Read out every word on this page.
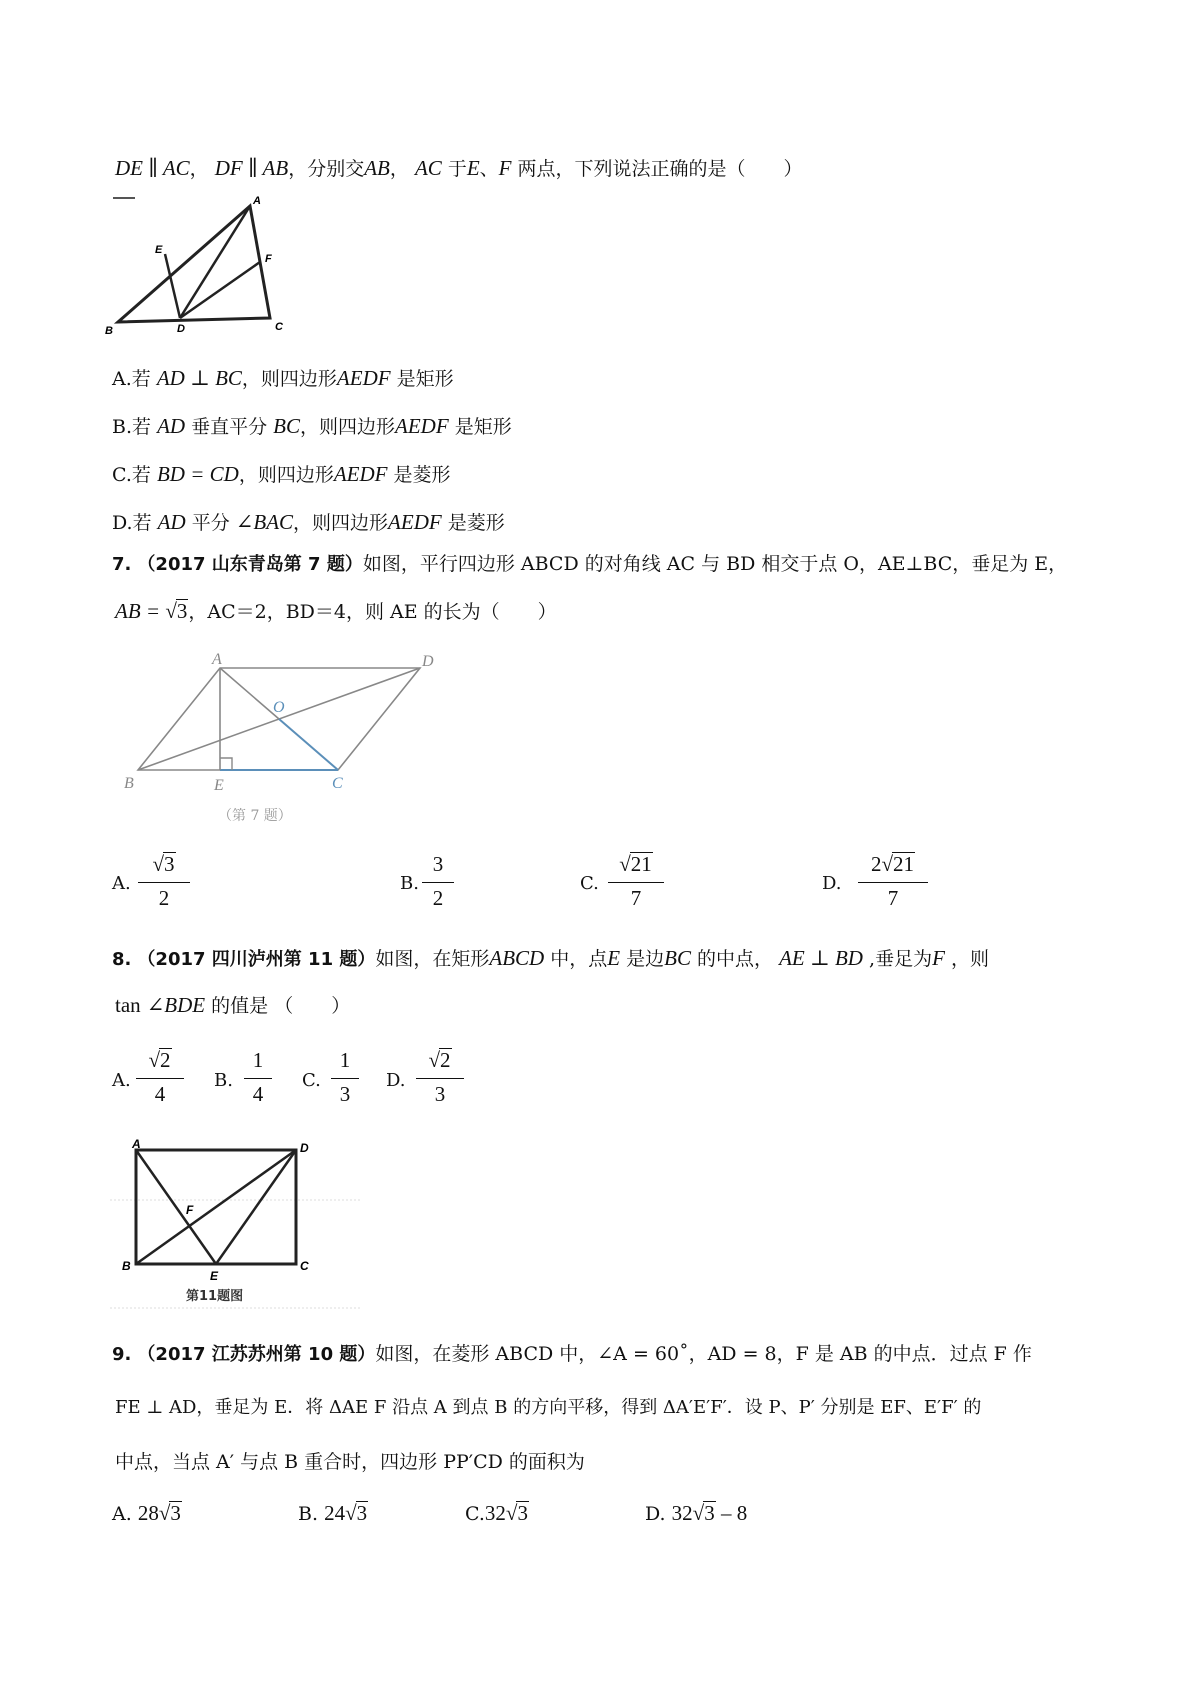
DE ∥ AC， DF ∥ AB，分别交AB， AC 于E、F 两点，下列说法正确的是（　　）
A
E
F
B	D	C
A.若 AD ⊥ BC，则四边形AEDF 是矩形
B.若 AD 垂直平分 BC，则四边形AEDF 是矩形
C.若 BD = CD，则四边形AEDF 是菱形
D.若 AD 平分 ∠BAC，则四边形AEDF 是菱形
7. （2017 山东青岛第 7 题）如图，平行四边形 ABCD 的对角线 AC 与 BD 相交于点 O，AE⊥BC，垂足为 E，
AB = √3，AC＝2，BD＝4，则 AE 的长为（　　）
A	D
O
B	E	C
（第 7 题）
A.
√3
2
B.
3
2
C.
√21
7
D.
2√21
7
8. （2017 四川泸州第 11 题）如图，在矩形ABCD 中，点E 是边BC 的中点， AE ⊥ BD ,垂足为F ，则
tan ∠BDE 的值是 （　　）
A.
√2
4
B.
1
4
C.
1
3
D.
√2
3
A	D
F
B
E
C
第11题图
9. （2017 江苏苏州第 10 题）如图，在菱形 ABCD 中，∠A = 60˚，AD = 8，F 是 AB 的中点．过点 F 作
FE ⊥ AD，垂足为 E．将 ΔAE F 沿点 A 到点 B 的方向平移，得到 ΔA′E′F′．设 P、P′ 分别是 EF、E′F′ 的
中点，当点 A′ 与点 B 重合时，四边形 PP′CD 的面积为
A. 28√3	B. 24√3	C.32√3	D. 32√3 – 8
